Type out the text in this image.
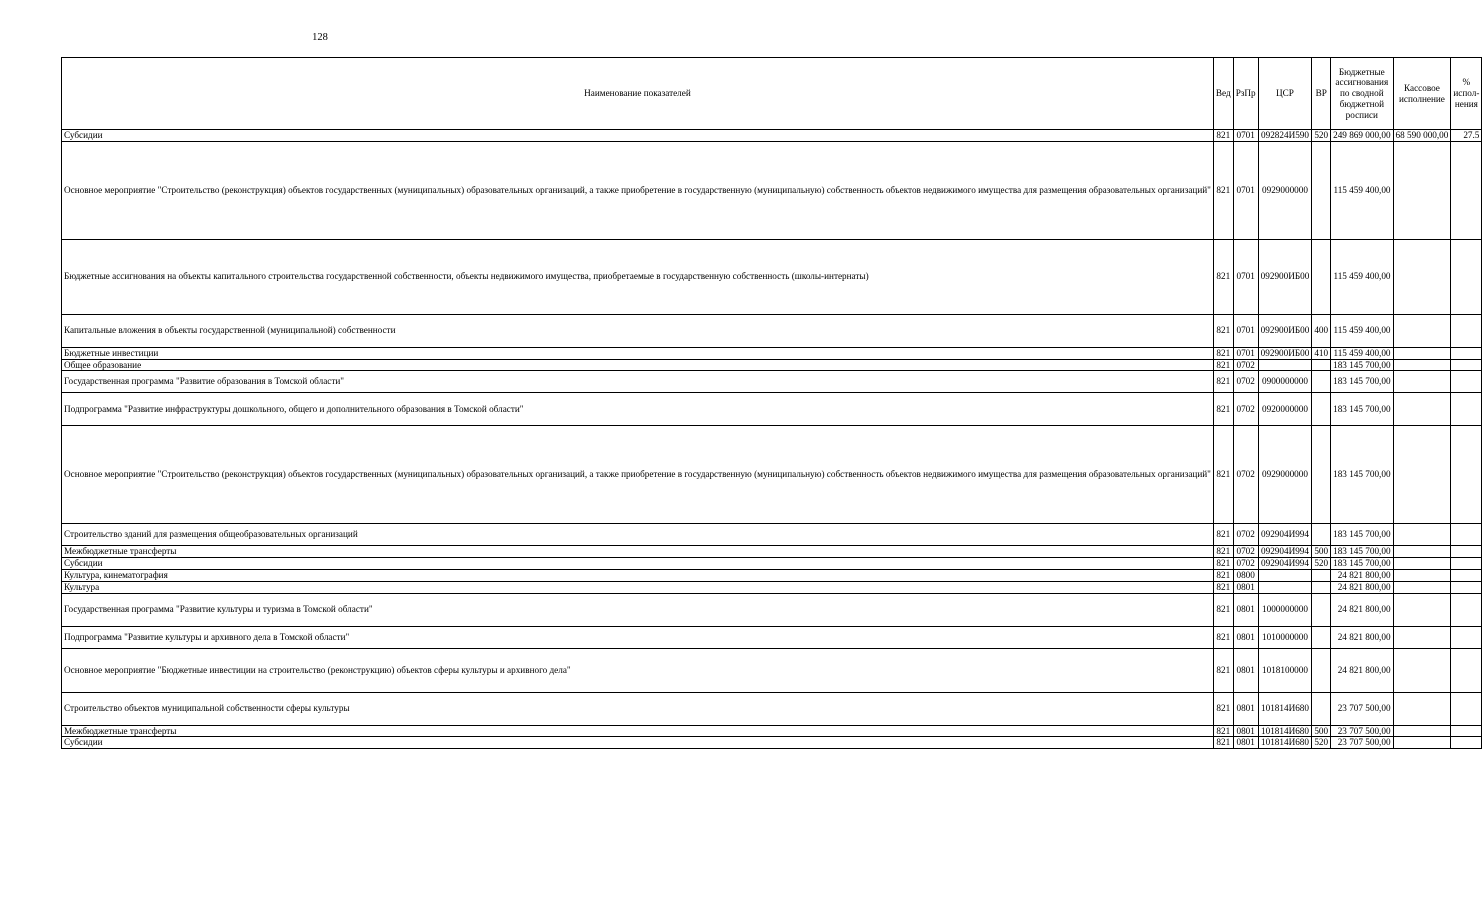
128
Наименование показателей	Вед	РзПр	ЦСР	ВР	Бюджетные ассигнования по сводной бюджетной росписи	Кассовое исполнение	% испол-нения
Субсидии	821	0701	092824И590	520	249 869 000,00	68 590 000,00	27.5
Основное мероприятие "Строительство (реконструкция) объектов государственных (муниципальных) образовательных организаций, а также приобретение в государственную (муниципальную) собственность объектов недвижимого имущества для размещения образовательных организаций"	821	0701	0929000000		115 459 400,00		
Бюджетные ассигнования на объекты капитального строительства государственной собственности, объекты недвижимого имущества, приобретаемые в государственную собственность (школы-интернаты)	821	0701	092900ИБ00		115 459 400,00		
Капитальные вложения в объекты государственной (муниципальной) собственности	821	0701	092900ИБ00	400	115 459 400,00		
Бюджетные инвестиции	821	0701	092900ИБ00	410	115 459 400,00		
Общее образование	821	0702			183 145 700,00		
Государственная программа "Развитие образования в Томской области"	821	0702	0900000000		183 145 700,00		
Подпрограмма "Развитие инфраструктуры дошкольного, общего и дополнительного образования в Томской области"	821	0702	0920000000		183 145 700,00		
Основное мероприятие "Строительство (реконструкция) объектов государственных (муниципальных) образовательных организаций, а также приобретение в государственную (муниципальную) собственность объектов недвижимого имущества для размещения образовательных организаций"	821	0702	0929000000		183 145 700,00		
Строительство зданий для размещения общеобразовательных организаций	821	0702	092904И994		183 145 700,00		
Межбюджетные трансферты	821	0702	092904И994	500	183 145 700,00		
Субсидии	821	0702	092904И994	520	183 145 700,00		
Культура, кинематография	821	0800			24 821 800,00		
Культура	821	0801			24 821 800,00		
Государственная программа "Развитие культуры и туризма в Томской области"	821	0801	1000000000		24 821 800,00		
Подпрограмма "Развитие культуры и архивного дела в Томской области"	821	0801	1010000000		24 821 800,00		
Основное мероприятие "Бюджетные инвестиции на строительство (реконструкцию) объектов сферы культуры и архивного дела"	821	0801	1018100000		24 821 800,00		
Строительство объектов муниципальной собственности сферы культуры	821	0801	101814И680		23 707 500,00		
Межбюджетные трансферты	821	0801	101814И680	500	23 707 500,00		
Субсидии	821	0801	101814И680	520	23 707 500,00		
